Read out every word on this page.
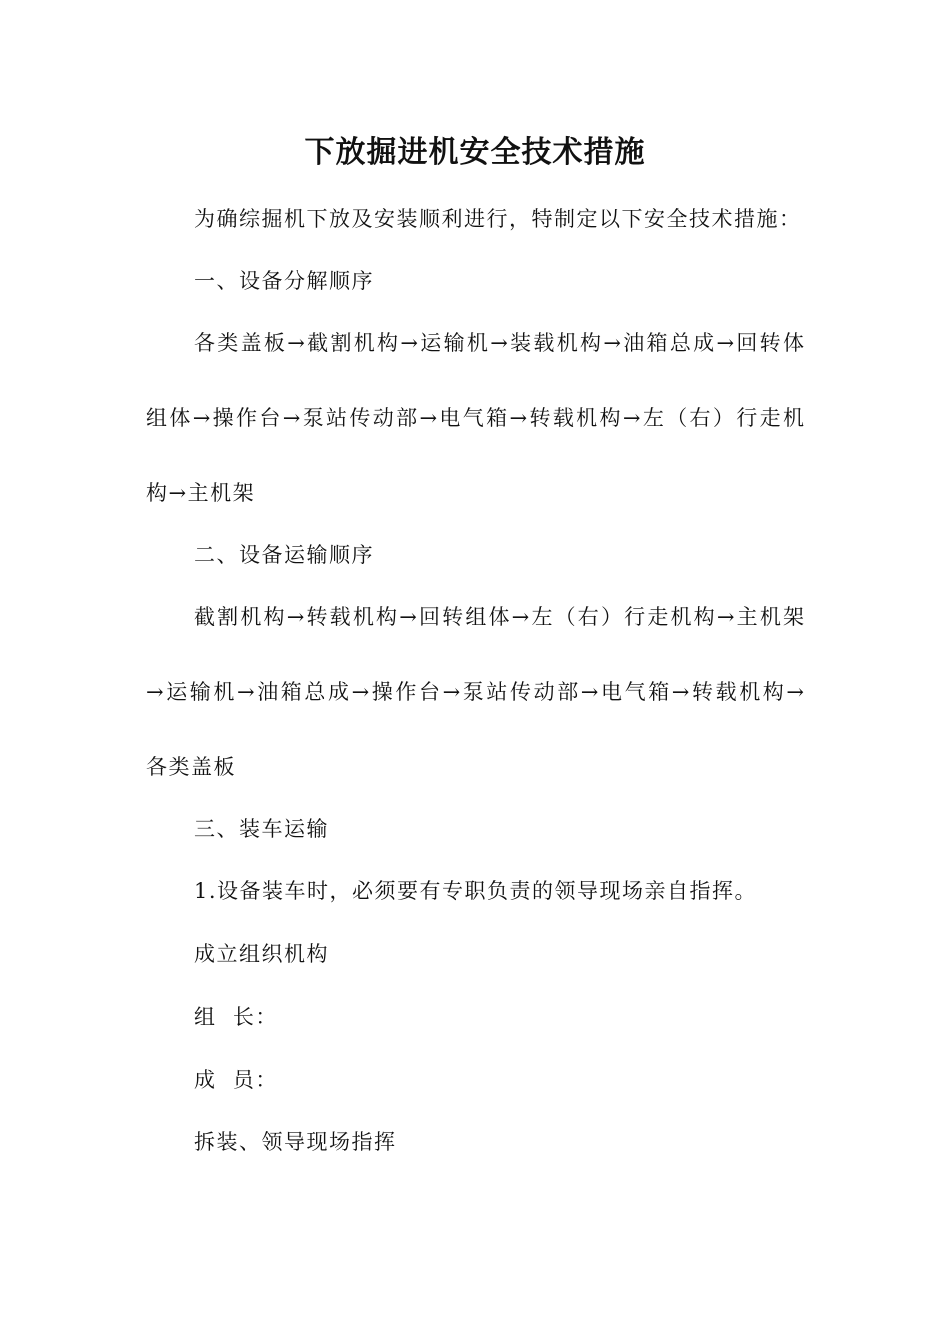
下放掘进机安全技术措施
为确综掘机下放及安装顺利进行，特制定以下安全技术措施：
一、设备分解顺序
各类盖板→截割机构→运输机→装载机构→油箱总成→回转体
组体→操作台→泵站传动部→电气箱→转载机构→左（右）行走机
构→主机架
二、设备运输顺序
截割机构→转载机构→回转组体→左（右）行走机构→主机架
→运输机→油箱总成→操作台→泵站传动部→电气箱→转载机构→
各类盖板
三、装车运输
1.设备装车时，必须要有专职负责的领导现场亲自指挥。
成立组织机构
组  长：
成  员：
拆装、领导现场指挥
